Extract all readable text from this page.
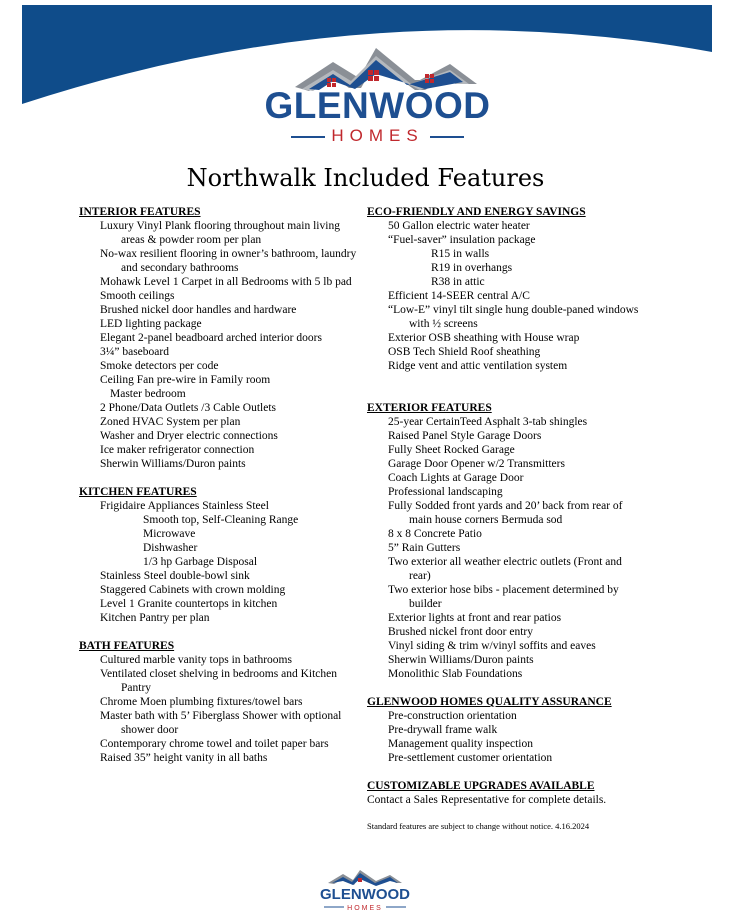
GLENWOOD
HOMES
Northwalk Included Features

INTERIOR FEATURES

Luxury Vinyl Plank flooring throughout main living areas & powder room per plan

No-wax resilient flooring in owner’s bathroom, laundry and secondary bathrooms

Mohawk Level 1 Carpet in all Bedrooms with 5 lb pad

Smooth ceilings

Brushed nickel door handles and hardware

LED lighting package

Elegant 2-panel beadboard arched interior doors

3¼” baseboard

Smoke detectors per code

Ceiling Fan pre-wire in Family room

Master bedroom

2 Phone/Data Outlets /3 Cable Outlets

Zoned HVAC System per plan

Washer and Dryer electric connections

Ice maker refrigerator connection

Sherwin Williams/Duron paints

KITCHEN FEATURES

Frigidaire Appliances Stainless Steel

Smooth top, Self-Cleaning Range

Microwave

Dishwasher

1/3 hp Garbage Disposal

Stainless Steel double-bowl sink

Staggered Cabinets with crown molding

Level 1 Granite countertops in kitchen

Kitchen Pantry per plan

BATH FEATURES

Cultured marble vanity tops in bathrooms

Ventilated closet shelving in bedrooms and Kitchen Pantry

Chrome Moen plumbing fixtures/towel bars

Master bath with 5’ Fiberglass Shower with optional shower door

Contemporary chrome towel and toilet paper bars

Raised 35” height vanity in all baths

ECO-FRIENDLY AND ENERGY SAVINGS

50 Gallon electric water heater

“Fuel-saver” insulation package

R15 in walls

R19 in overhangs

R38 in attic

Efficient 14-SEER central A/C

“Low-E” vinyl tilt single hung double-paned windows with ½ screens

Exterior OSB sheathing with House wrap

OSB Tech Shield Roof sheathing

Ridge vent and attic ventilation system

EXTERIOR FEATURES

25-year CertainTeed Asphalt 3-tab shingles

Raised Panel Style Garage Doors

Fully Sheet Rocked Garage

Garage Door Opener w/2 Transmitters

Coach Lights at Garage Door

Professional landscaping

Fully Sodded front yards and 20’ back from rear of main house corners Bermuda sod

8 x 8 Concrete Patio

5” Rain Gutters

Two exterior all weather electric outlets (Front and rear)

Two exterior hose bibs - placement determined by builder

Exterior lights at front and rear patios

Brushed nickel front door entry

Vinyl siding & trim w/vinyl soffits and eaves

Sherwin Williams/Duron paints

Monolithic Slab Foundations

GLENWOOD HOMES QUALITY ASSURANCE

Pre-construction orientation

Pre-drywall frame walk

Management quality inspection

Pre-settlement customer orientation

CUSTOMIZABLE UPGRADES AVAILABLE

Contact a Sales Representative for complete details.

Standard features are subject to change without notice. 4.16.2024

GLENWOOD
HOMES
